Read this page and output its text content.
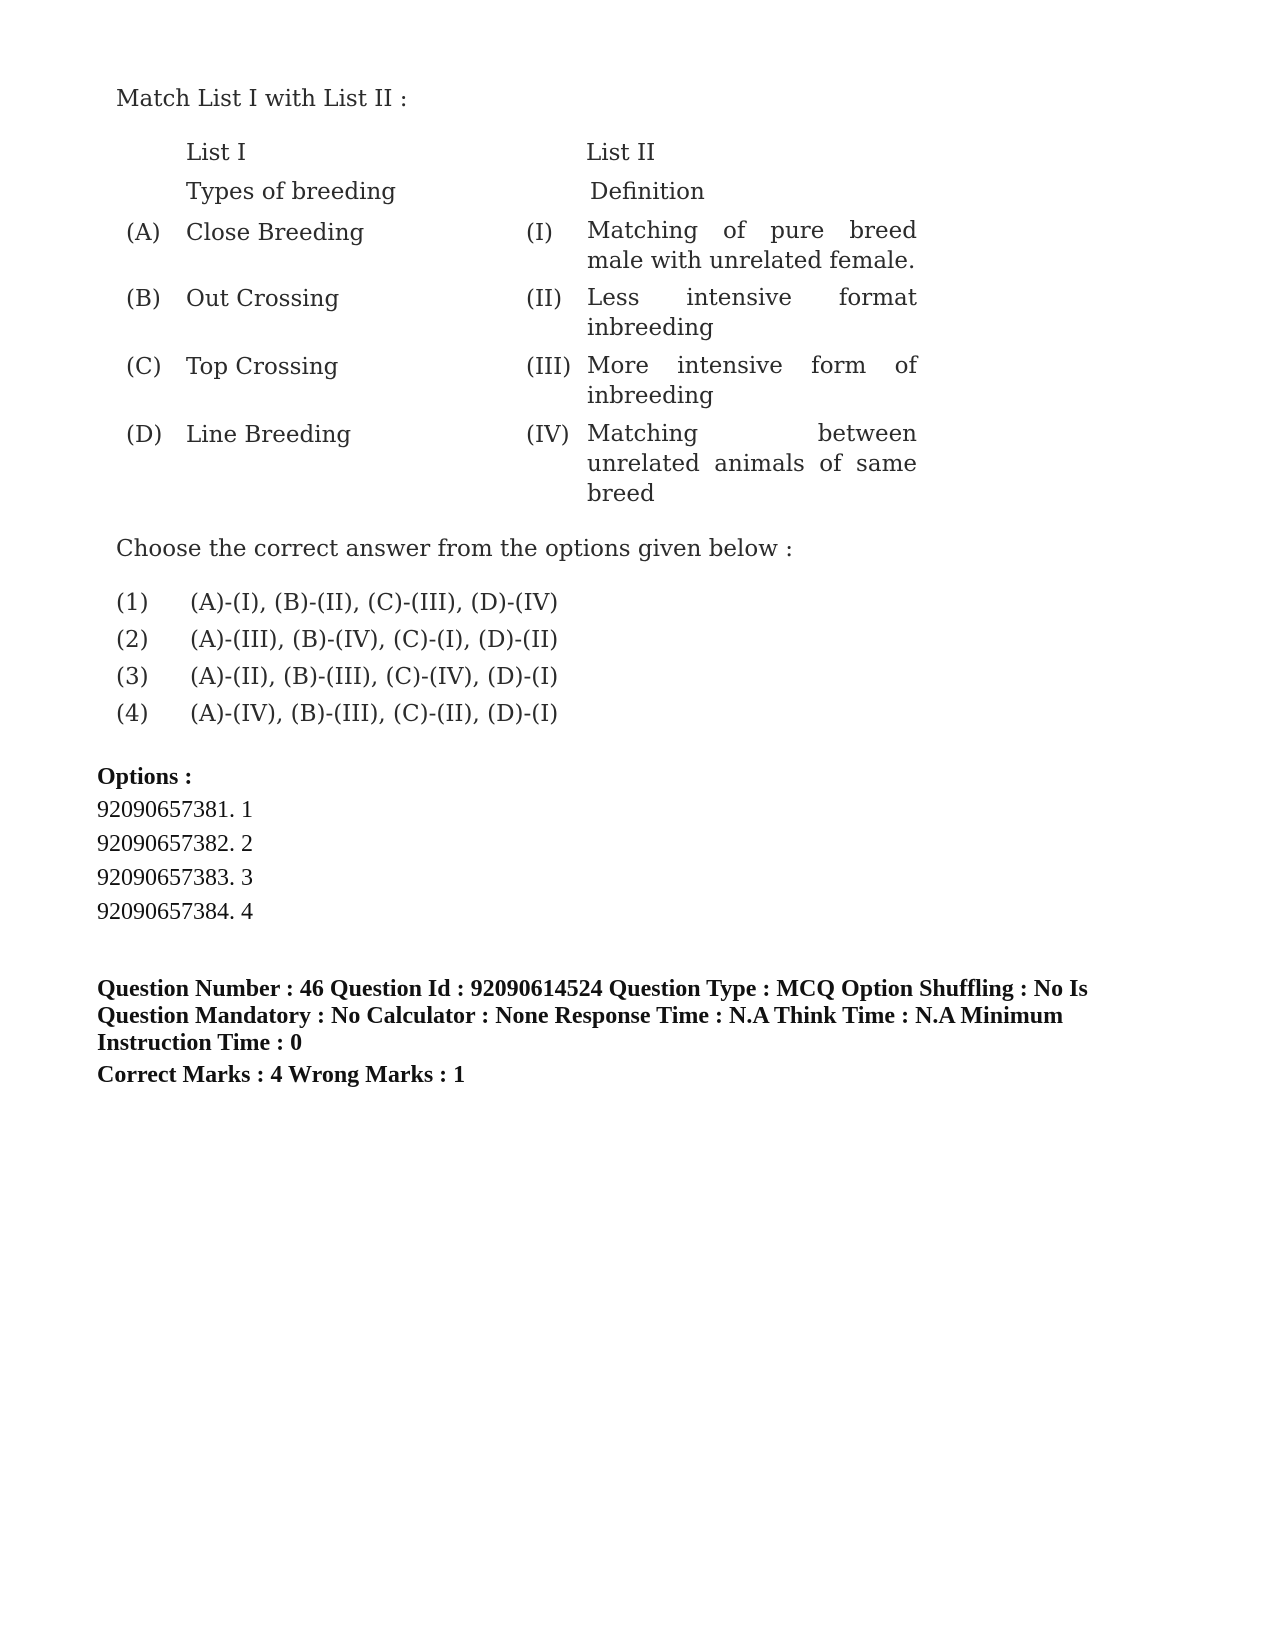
Match List I with List II :
List I	List II
Types of breeding	Definition
(A) Close Breeding	(I) Matching of pure breed male with unrelated female.
(B) Out Crossing	(II) Less intensive format inbreeding
(C) Top Crossing	(III) More intensive form of inbreeding
(D) Line Breeding	(IV) Matching between unrelated animals of same breed
Choose the correct answer from the options given below :
(1) (A)-(I), (B)-(II), (C)-(III), (D)-(IV)
(2) (A)-(III), (B)-(IV), (C)-(I), (D)-(II)
(3) (A)-(II), (B)-(III), (C)-(IV), (D)-(I)
(4) (A)-(IV), (B)-(III), (C)-(II), (D)-(I)
Options :
92090657381. 1
92090657382. 2
92090657383. 3
92090657384. 4
Question Number : 46 Question Id : 92090614524 Question Type : MCQ Option Shuffling : No Is Question Mandatory : No Calculator : None Response Time : N.A Think Time : N.A Minimum Instruction Time : 0
Correct Marks : 4 Wrong Marks : 1
